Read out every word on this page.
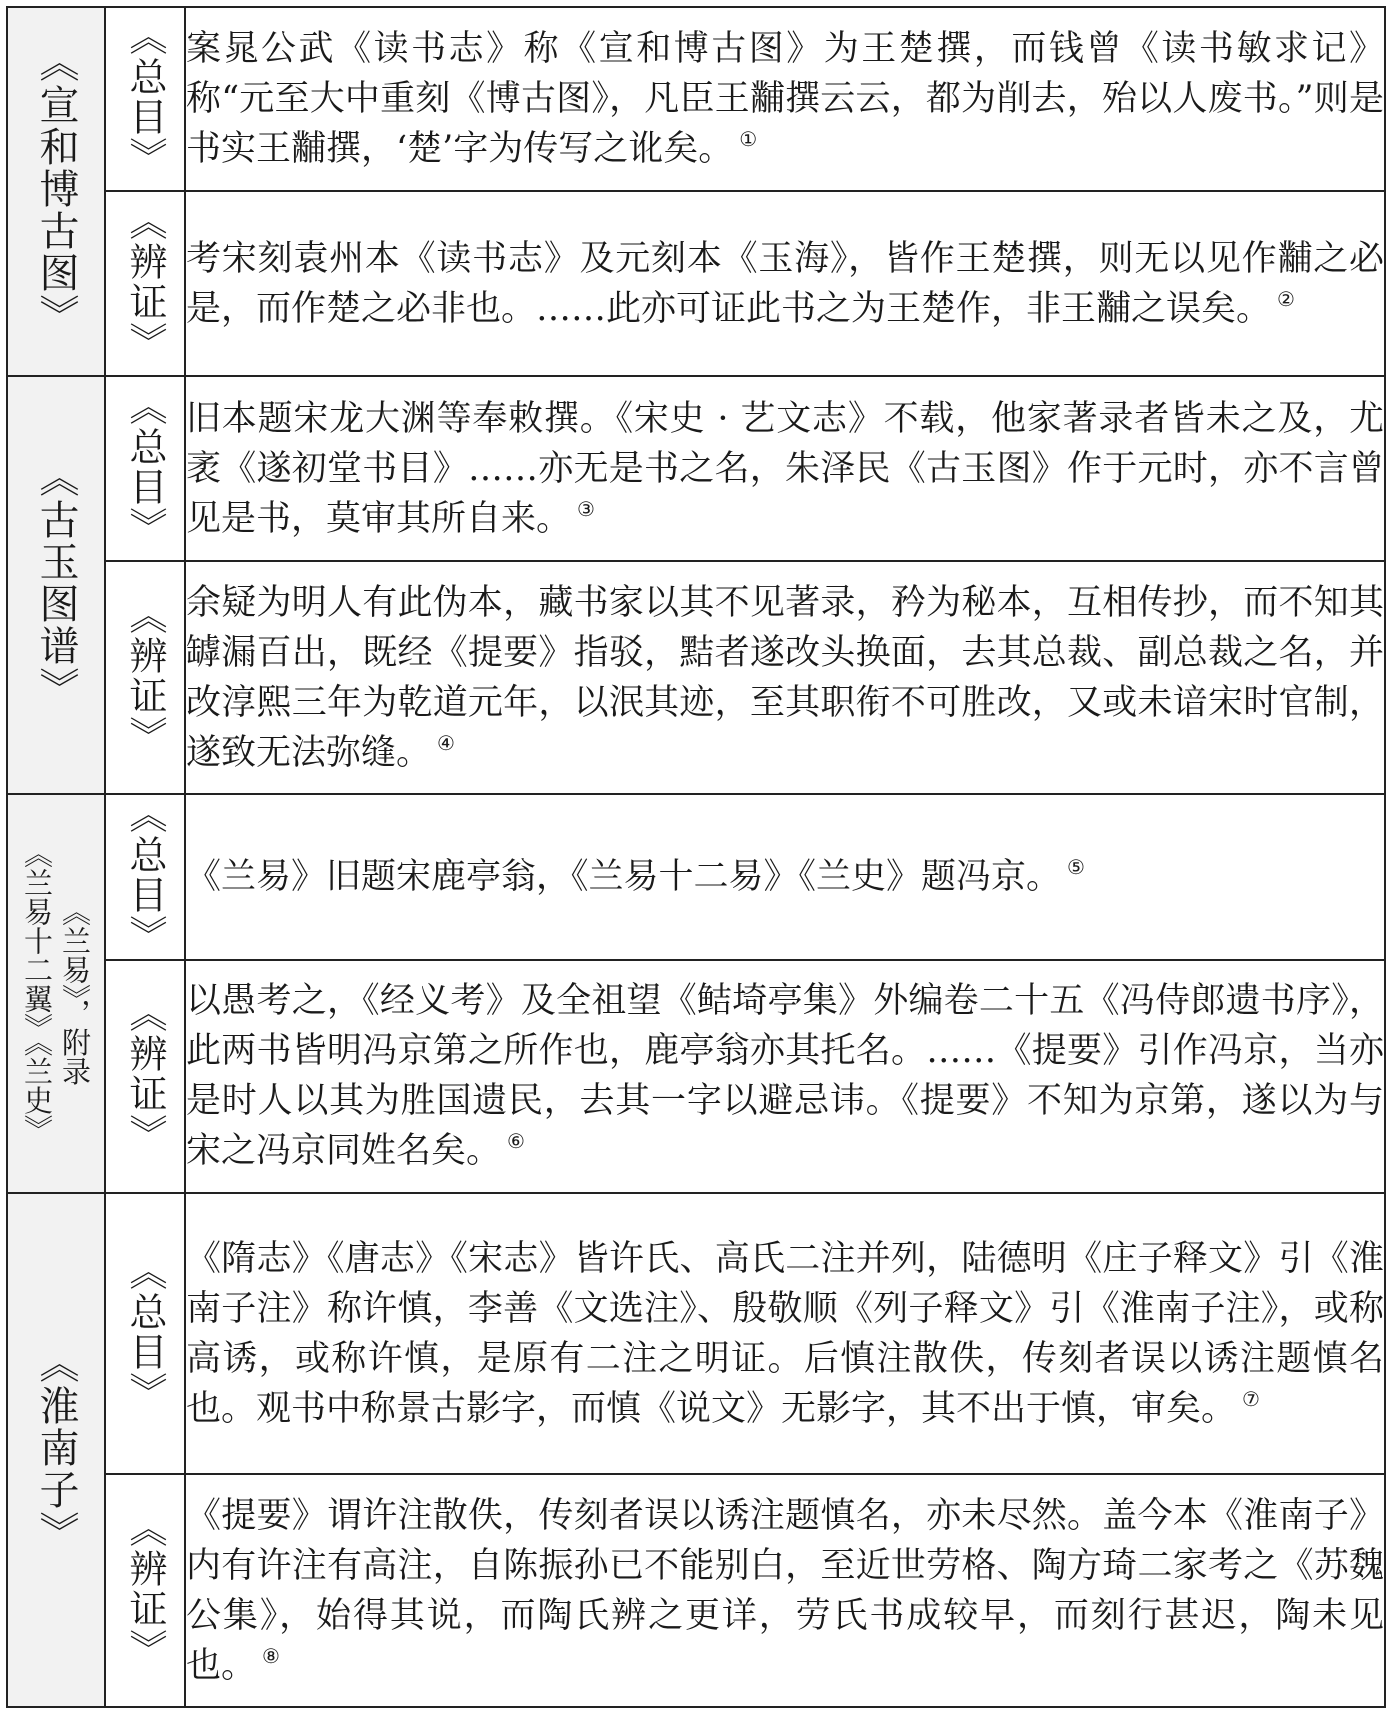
《宣和博古图》	《总目》	案晁公武《读书志》称《宣和博古图》为王楚撰，而钱曾《读书敏求记》称“元至大中重刻《博古图》，凡臣王黼撰云云，都为削去，殆以人废书。”则是书实王黼撰，‘楚’字为传写之讹矣。 ①
	《辨证》	考宋刻袁州本《读书志》及元刻本《玉海》，皆作王楚撰，则无以见作黼之必是，而作楚之必非也。……此亦可证此书之为王楚作，非王黼之误矣。 ②
《古玉图谱》	《总目》	旧本题宋龙大渊等奉敕撰。《宋史 · 艺文志》不载，他家著录者皆未之及，尤袤《遂初堂书目》……亦无是书之名，朱泽民《古玉图》作于元时，亦不言曾见是书，莫审其所自来。 ③
	《辨证》	余疑为明人有此伪本，藏书家以其不见著录，矜为秘本，互相传抄，而不知其罅漏百出，既经《提要》指驳，黠者遂改头换面，去其总裁、副总裁之名，并改淳熙三年为乾道元年，以泯其迹，至其职衔不可胜改，又或未谙宋时官制，遂致无法弥缝。 ④

《兰易》，附录
《兰易十二翼》《兰史》	《总目》	《兰易》旧题宋鹿亭翁，《兰易十二易》《兰史》题冯京。 ⑤
	《辨证》	以愚考之，《经义考》及全祖望《鲒埼亭集》外编卷二十五《冯侍郎遗书序》，此两书皆明冯京第之所作也，鹿亭翁亦其托名。……《提要》引作冯京，当亦是时人以其为胜国遗民，去其一字以避忌讳。《提要》不知为京第，遂以为与宋之冯京同姓名矣。 ⑥
《淮南子》	《总目》	《隋志》《唐志》《宋志》皆许氏、高氏二注并列，陆德明《庄子释文》引《淮南子注》称许慎，李善《文选注》、殷敬顺《列子释文》引《淮南子注》，或称高诱，或称许慎，是原有二注之明证。后慎注散佚，传刻者误以诱注题慎名也。观书中称景古影字，而慎《说文》无影字，其不出于慎，审矣。 ⑦
	《辨证》	《提要》谓许注散佚，传刻者误以诱注题慎名，亦未尽然。盖今本《淮南子》内有许注有高注，自陈振孙已不能别白，至近世劳格、陶方琦二家考之《苏魏公集》，始得其说，而陶氏辨之更详，劳氏书成较早，而刻行甚迟，陶未见也。 ⑧
